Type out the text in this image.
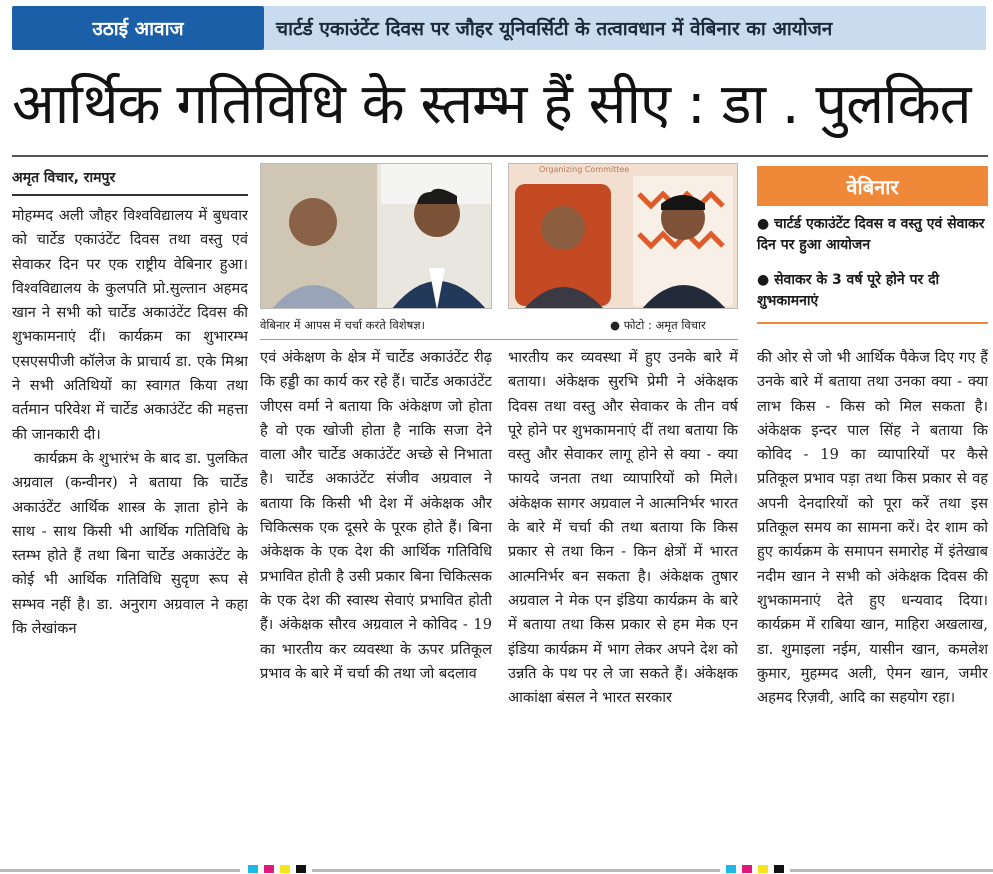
उठाई आवाज	चार्टर्ड एकाउंटेंट दिवस पर जौहर यूनिवर्सिटी के तत्वावधान में वेबिनार का आयोजन
आर्थिक गतिविधि के स्तम्भ हैं सीए : डा . पुलकित
अमृत विचार, रामपुर

मोहम्मद अली जौहर विश्वविद्यालय में बुधवार को चार्टेड एकाउंटेंट दिवस तथा वस्तु एवं सेवाकर दिन पर एक राष्ट्रीय वेबिनार हुआ। विश्वविद्यालय के कुलपति प्रो.सुल्तान अहमद खान ने सभी को चार्टेड अकाउंटेंट दिवस की शुभकामनाएं दीं। कार्यक्रम का शुभारम्भ एसएसपीजी कॉलेज के प्राचार्य डा. एके मिश्रा ने सभी अतिथियों का स्वागत किया तथा वर्तमान परिवेश में चार्टेड अकाउंटेंट की महत्ता की जानकारी दी।

कार्यक्रम के शुभारंभ के बाद डा. पुलकित अग्रवाल (कन्वीनर) ने बताया कि चार्टेड अकाउंटेंट आर्थिक शास्त्र के ज्ञाता होने के साथ - साथ किसी भी आर्थिक गतिविधि के स्तम्भ होते हैं तथा बिना चार्टेड अकाउंटेंट के कोई भी आर्थिक गतिविधि सुदृण रूप से सम्भव नहीं है। डा. अनुराग अग्रवाल ने कहा कि लेखांकन

Organizing Committee
वेबिनार में आपस में चर्चा करते विशेषज्ञ।	● फोटो : अमृत विचार
एवं अंकेक्षण के क्षेत्र में चार्टेड अकाउंटेंट रीढ़ कि हड्डी का कार्य कर रहे हैं। चार्टेड अकाउंटेंट जीएस वर्मा ने बताया कि अंकेक्षण जो होता है वो एक खोजी होता है नाकि सजा देने वाला और चार्टेड अकाउंटेंट अच्छे से निभाता है। चार्टेड अकाउंटेंट संजीव अग्रवाल ने बताया कि किसी भी देश में अंकेक्षक और चिकित्सक एक दूसरे के पूरक होते हैं। बिना अंकेक्षक के एक देश की आर्थिक गतिविधि प्रभावित होती है उसी प्रकार बिना चिकित्सक के एक देश की स्वास्थ सेवाएं प्रभावित होती हैं। अंकेक्षक सौरव अग्रवाल ने कोविद - 19 का भारतीय कर व्यवस्था के ऊपर प्रतिकूल प्रभाव के बारे में चर्चा की तथा जो बदलाव
भारतीय कर व्यवस्था में हुए उनके बारे में बताया। अंकेक्षक सुरभि प्रेमी ने अंकेक्षक दिवस तथा वस्तु और सेवाकर के तीन वर्ष पूरे होने पर शुभकामनाएं दीं तथा बताया कि वस्तु और सेवाकर लागू होने से क्या - क्या फायदे जनता तथा व्यापारियों को मिले। अंकेक्षक सागर अग्रवाल ने आत्मनिर्भर भारत के बारे में चर्चा की तथा बताया कि किस प्रकार से तथा किन - किन क्षेत्रों में भारत आत्मनिर्भर बन सकता है। अंकेक्षक तुषार अग्रवाल ने मेक एन इंडिया कार्यक्रम के बारे में बताया तथा किस प्रकार से हम मेक एन इंडिया कार्यक्रम में भाग लेकर अपने देश को उन्नति के पथ पर ले जा सकते हैं। अंकेक्षक आकांक्षा बंसल ने भारत सरकार
वेबिनार
● चार्टर्ड एकाउंटेंट दिवस व वस्तु एवं सेवाकर दिन पर हुआ आयोजन
● सेवाकर के 3 वर्ष पूरे होने पर दी शुभकामनाएं
की ओर से जो भी आर्थिक पैकेज दिए गए हैं उनके बारे में बताया तथा उनका क्या - क्या लाभ किस - किस को मिल सकता है। अंकेक्षक इन्दर पाल सिंह ने बताया कि कोविद - 19 का व्यापारियों पर कैसे प्रतिकूल प्रभाव पड़ा तथा किस प्रकार से वह अपनी देनदारियों को पूरा करें तथा इस प्रतिकूल समय का सामना करें। देर शाम को हुए कार्यक्रम के समापन समारोह में इंतेखाब नदीम खान ने सभी को अंकेक्षक दिवस की शुभकामनाएं देते हुए धन्यवाद दिया। कार्यक्रम में राबिया खान, माहिरा अखलाख, डा. शुमाइला नईम, यासीन खान, कमलेश कुमार, मुहम्मद अली, ऐमन खान, जमीर अहमद रिज़वी, आदि का सहयोग रहा।
